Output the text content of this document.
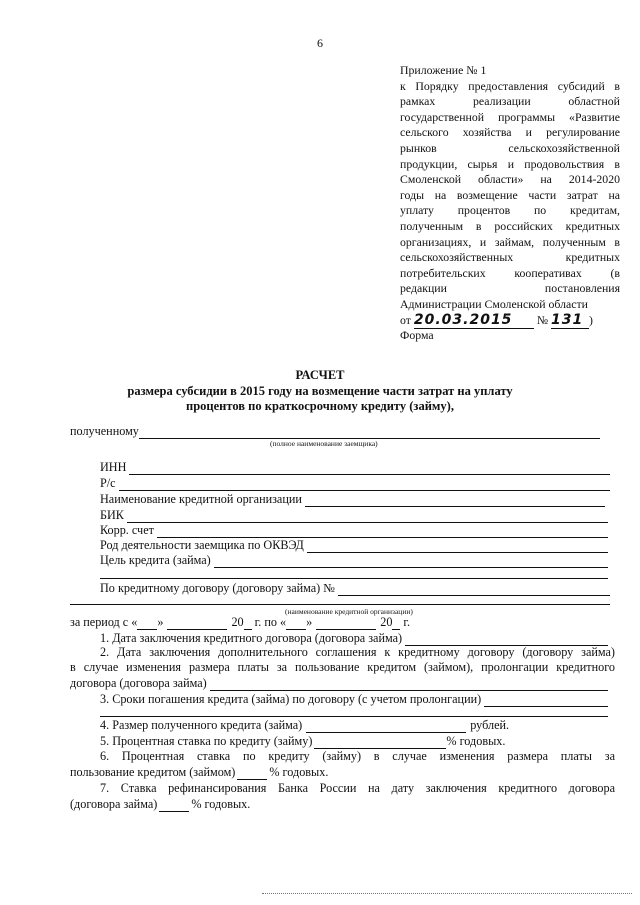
6
Приложение № 1
к Порядку предоставления субсидий в
рамках реализации областной
государственной программы «Развитие
сельского хозяйства и регулирование
рынков сельскохозяйственной
продукции, сырья и продовольствия в
Смоленской области» на 2014-2020
годы на возмещение части затрат на
уплату процентов по кредитам,
полученным в российских кредитных
организациях, и займам, полученным в
сельскохозяйственных кредитных
потребительских кооперативах (в
редакции постановления
Администрации Смоленской области
от 20.03.2015 № 131 )
Форма
РАСЧЕТ
размера субсидии в 2015 году на возмещение части затрат на уплату
процентов по краткосрочному кредиту (займу),
полученному
(полное наименование заемщика)
ИНН
Р/с
Наименование кредитной организации
БИК
Корр. счет
Род деятельности заемщика по ОКВЭД
Цель кредита (займа)
По кредитному договору (договору займа) №
(наименование кредитной организации)
за период с « »	20 г. по « »	20 г.
1. Дата заключения кредитного договора (договора займа)
2. Дата заключения дополнительного соглашения к кредитному договору (договору займа)
в случае изменения размера платы за пользование кредитом (займом), пролонгации кредитного
договора (договора займа)
3. Сроки погашения кредита (займа) по договору (с учетом пролонгации)
4. Размер полученного кредита (займа)	рублей.
5. Процентная ставка по кредиту (займу)	% годовых.
6. Процентная ставка по кредиту (займу) в случае изменения размера платы за
пользование кредитом (займом)	% годовых.
7. Ставка рефинансирования Банка России на дату заключения кредитного договора
(договора займа)	% годовых.
